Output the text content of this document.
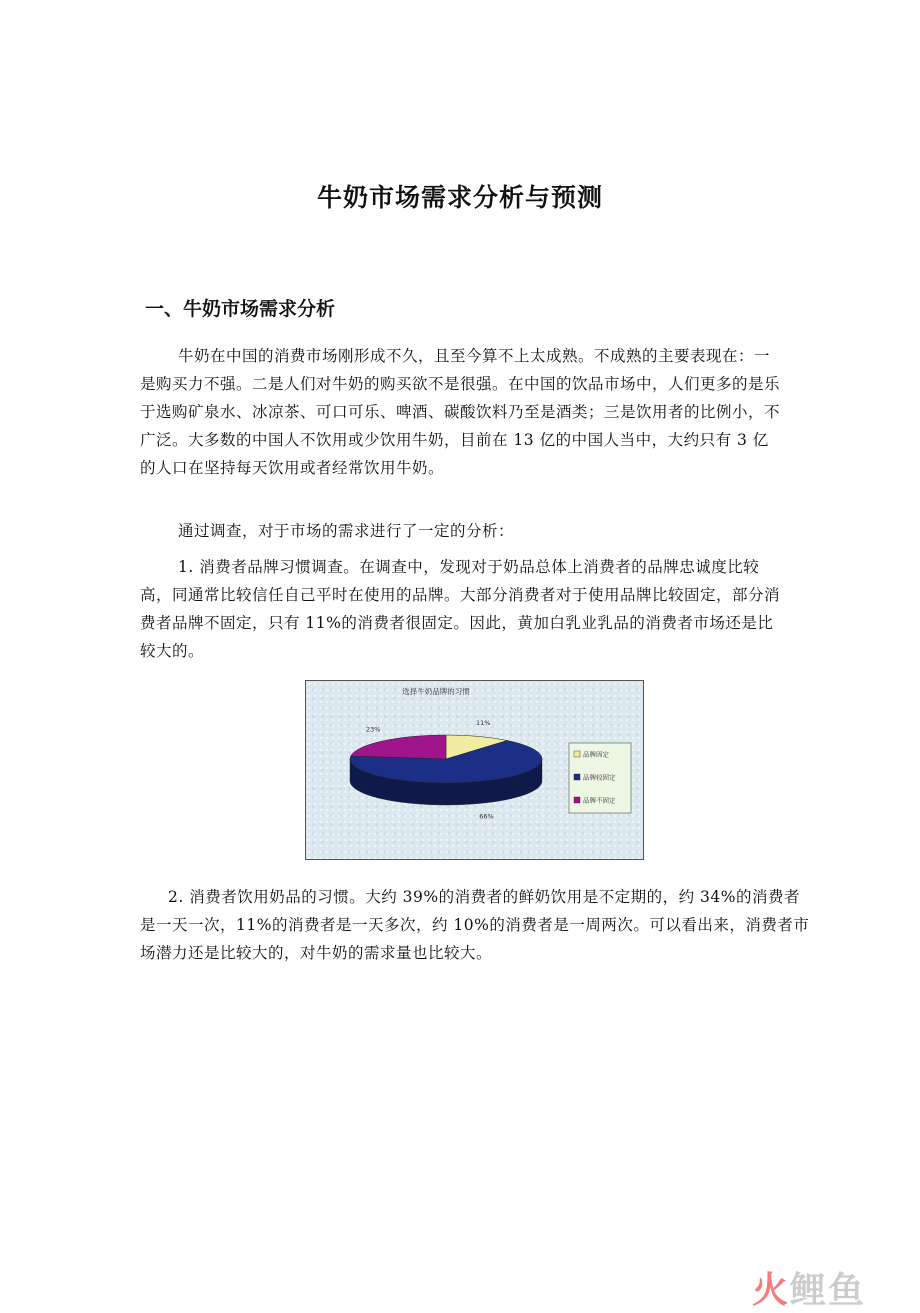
牛奶市场需求分析与预测
一、牛奶市场需求分析

牛奶在中国的消费市场刚形成不久，且至今算不上太成熟。不成熟的主要表现在：一是购买力不强。二是人们对牛奶的购买欲不是很强。在中国的饮品市场中，人们更多的是乐于选购矿泉水、冰凉茶、可口可乐、啤酒、碳酸饮料乃至是酒类；三是饮用者的比例小，不广泛。大多数的中国人不饮用或少饮用牛奶，目前在 13 亿的中国人当中，大约只有 3 亿的人口在坚持每天饮用或者经常饮用牛奶。

通过调查，对于市场的需求进行了一定的分析：

1. 消费者品牌习惯调查。在调查中，发现对于奶品总体上消费者的品牌忠诚度比较高，同通常比较信任自己平时在使用的品牌。大部分消费者对于使用品牌比较固定，部分消费者品牌不固定，只有 11%的消费者很固定。因此，黄加白乳业乳品的消费者市场还是比较大的。

选择牛奶品牌的习惯
11%
66%
23%
品牌固定
品牌较固定
品牌不固定

2. 消费者饮用奶品的习惯。大约 39%的消费者的鲜奶饮用是不定期的，约 34%的消费者是一天一次，11%的消费者是一天多次，约 10%的消费者是一周两次。可以看出来，消费者市场潜力还是比较大的，对牛奶的需求量也比较大。

火鲤鱼
